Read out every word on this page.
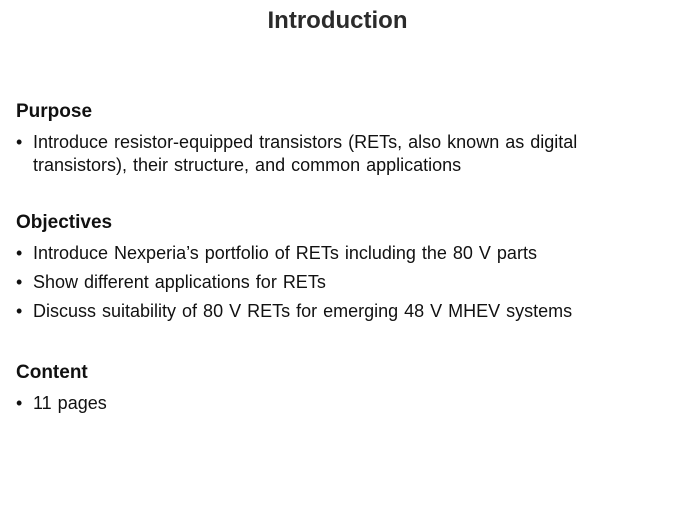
Introduction
Purpose
• Introduce resistor-equipped transistors (RETs, also known as digital transistors), their structure, and common applications
Objectives
• Introduce Nexperia’s portfolio of RETs including the 80 V parts
• Show different applications for RETs
• Discuss suitability of 80 V RETs for emerging 48 V MHEV systems
Content
• 11 pages
